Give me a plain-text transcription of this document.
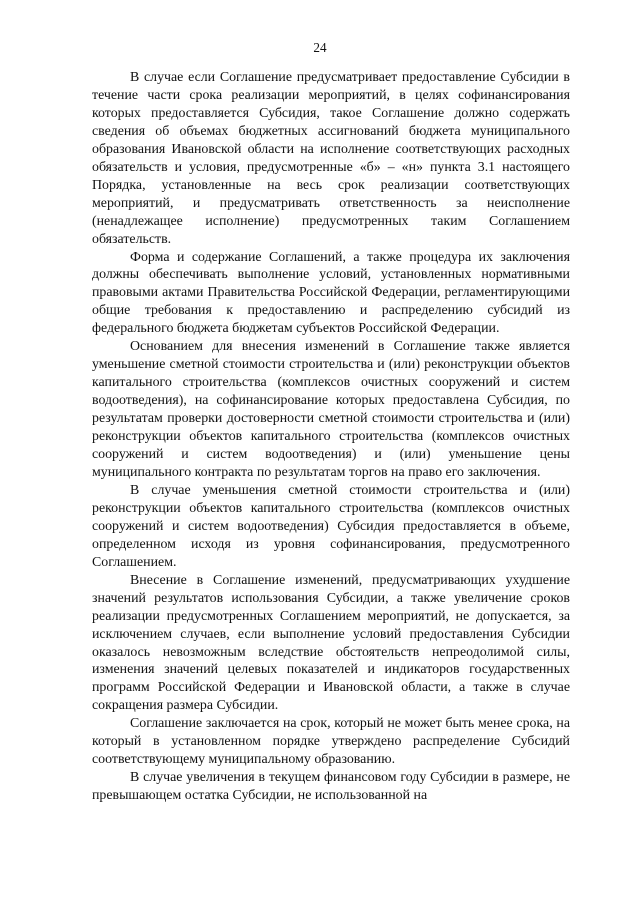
24

В случае если Соглашение предусматривает предоставление Субсидии в течение части срока реализации мероприятий, в целях софинансирования которых предоставляется Субсидия, такое Соглашение должно содержать сведения об объемах бюджетных ассигнований бюджета муниципального образования Ивановской области на исполнение соответствующих расходных обязательств и условия, предусмотренные «б» – «н» пункта 3.1 настоящего Порядка, установленные на весь срок реализации соответствующих мероприятий, и предусматривать ответственность за неисполнение (ненадлежащее исполнение) предусмотренных таким Соглашением обязательств.

Форма и содержание Соглашений, а также процедура их заключения должны обеспечивать выполнение условий, установленных нормативными правовыми актами Правительства Российской Федерации, регламентирующими общие требования к предоставлению и распределению субсидий из федерального бюджета бюджетам субъектов Российской Федерации.

Основанием для внесения изменений в Соглашение также является уменьшение сметной стоимости строительства и (или) реконструкции объектов капитального строительства (комплексов очистных сооружений и систем водоотведения), на софинансирование которых предоставлена Субсидия, по результатам проверки достоверности сметной стоимости строительства и (или) реконструкции объектов капитального строительства (комплексов очистных сооружений и систем водоотведения) и (или) уменьшение цены муниципального контракта по результатам торгов на право его заключения.

В случае уменьшения сметной стоимости строительства и (или) реконструкции объектов капитального строительства (комплексов очистных сооружений и систем водоотведения) Субсидия предоставляется в объеме, определенном исходя из уровня софинансирования, предусмотренного Соглашением.

Внесение в Соглашение изменений, предусматривающих ухудшение значений результатов использования Субсидии, а также увеличение сроков реализации предусмотренных Соглашением мероприятий, не допускается, за исключением случаев, если выполнение условий предоставления Субсидии оказалось невозможным вследствие обстоятельств непреодолимой силы, изменения значений целевых показателей и индикаторов государственных программ Российской Федерации и Ивановской области, а также в случае сокращения размера Субсидии.

Соглашение заключается на срок, который не может быть менее срока, на который в установленном порядке утверждено распределение Субсидий соответствующему муниципальному образованию.

В случае увеличения в текущем финансовом году Субсидии в размере, не превышающем остатка Субсидии, не использованной на
